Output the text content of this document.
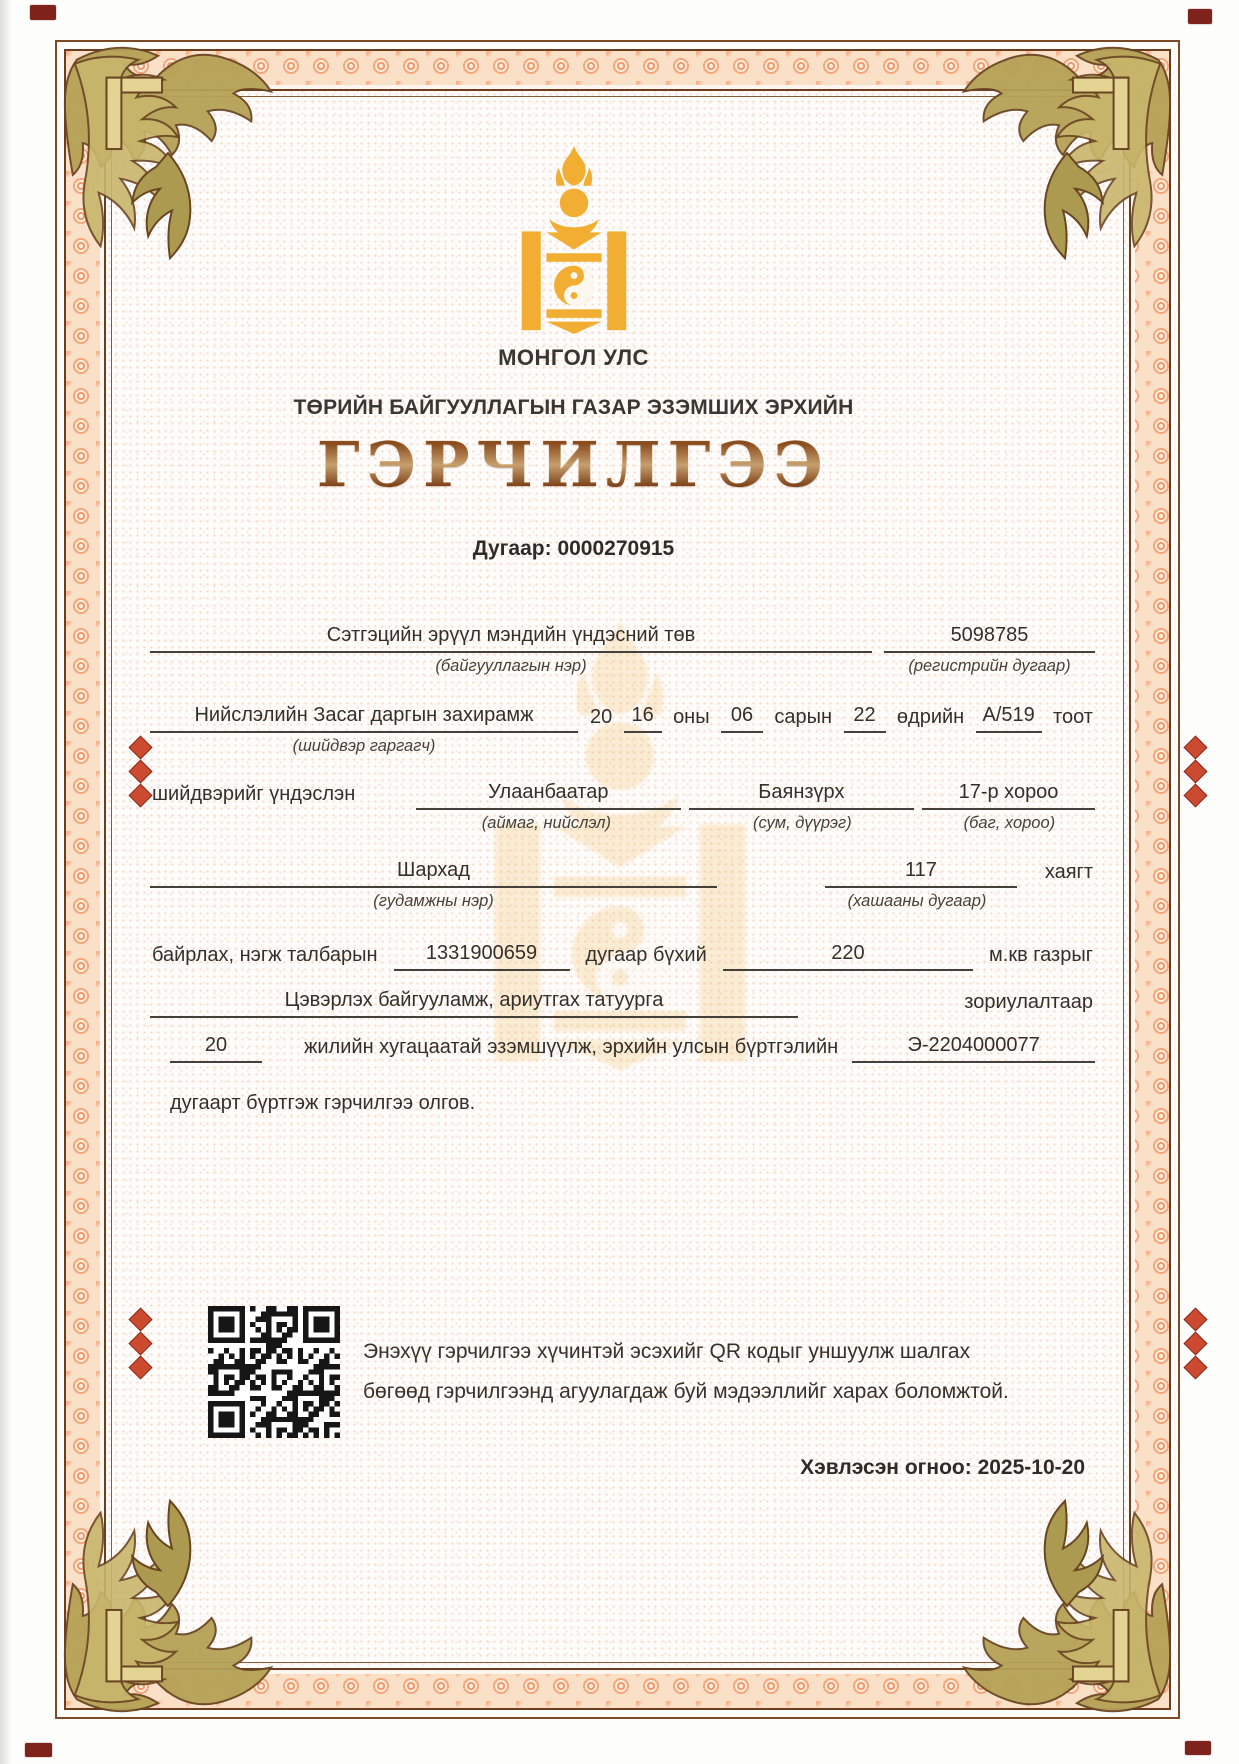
МОНГОЛ УЛС
ТӨРИЙН БАЙГУУЛЛАГЫН ГАЗАР ЭЗЭМШИХ ЭРХИЙН
ГЭРЧИЛГЭЭ
Дугаар: 0000270915
Сэтгэцийн эрүүл мэндийн үндэсний төв	5098785
(байгууллагын нэр)	(регистрийн дугаар)
Нийслэлийн Засаг даргын захирамж	20 16 оны	06	сарын	22	өдрийн А/519 тоот
(шийдвэр гаргагч)
шийдвэрийг үндэслэн	Улаанбаатар	Баянзүрх	17-р хороо
(аймаг, нийслэл)	(сум, дүүрэг)	(баг, хороо)
Шархад	117	хаягт
(гудамжны нэр)	(хашааны дугаар)
байрлах, нэгж талбарын	1331900659	дугаар бүхий	220	м.кв газрыг
Цэвэрлэх байгууламж, ариутгах татуурга	зориулалтаар
20	жилийн хугацаатай эзэмшүүлж, эрхийн улсын бүртгэлийн	Э-2204000077
дугаарт бүртгэж гэрчилгээ олгов.
Энэхүү гэрчилгээ хүчинтэй эсэхийг QR кодыг уншуулж шалгах
бөгөөд гэрчилгээнд агуулагдаж буй мэдээллийг харах боломжтой.
Хэвлэсэн огноо: 2025-10-20
